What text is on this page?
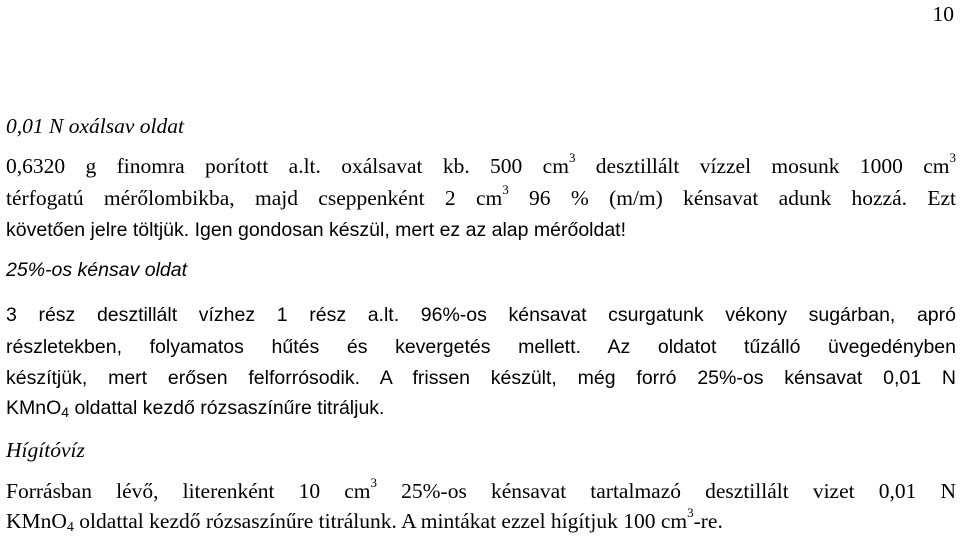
10
0,01 N oxálsav oldat

0,6320 g finomra porított a.lt. oxálsavat kb. 500 $cm^3$ desztillált vízzel mosunk 1000 $cm^3$

térfogatú mérőlombikba, majd cseppenként 2 $cm^3$ 96 % (m/m) kénsavat adunk hozzá. Ezt

követően jelre töltjük. Igen gondosan készül, mert ez az alap mérőoldat!

25%-os kénsav oldat

3 rész desztillált vízhez 1 rész a.lt. 96%-os kénsavat csurgatunk vékony sugárban, apró

részletekben, folyamatos hűtés és kevergetés mellett. Az oldatot tűzálló üvegedényben

készítjük, mert erősen felforrósodik. A frissen készült, még forró 25%-os kénsavat 0,01 N

KMnO$_4$ oldattal kezdő rózsaszínűre titráljuk.

Hígítóvíz

Forrásban lévő, literenként 10 $cm^3$ 25%-os kénsavat tartalmazó desztillált vizet 0,01 N

KMnO$_4$ oldattal kezdő rózsaszínűre titrálunk. A mintákat ezzel hígítjuk 100 $cm^3-re$.
